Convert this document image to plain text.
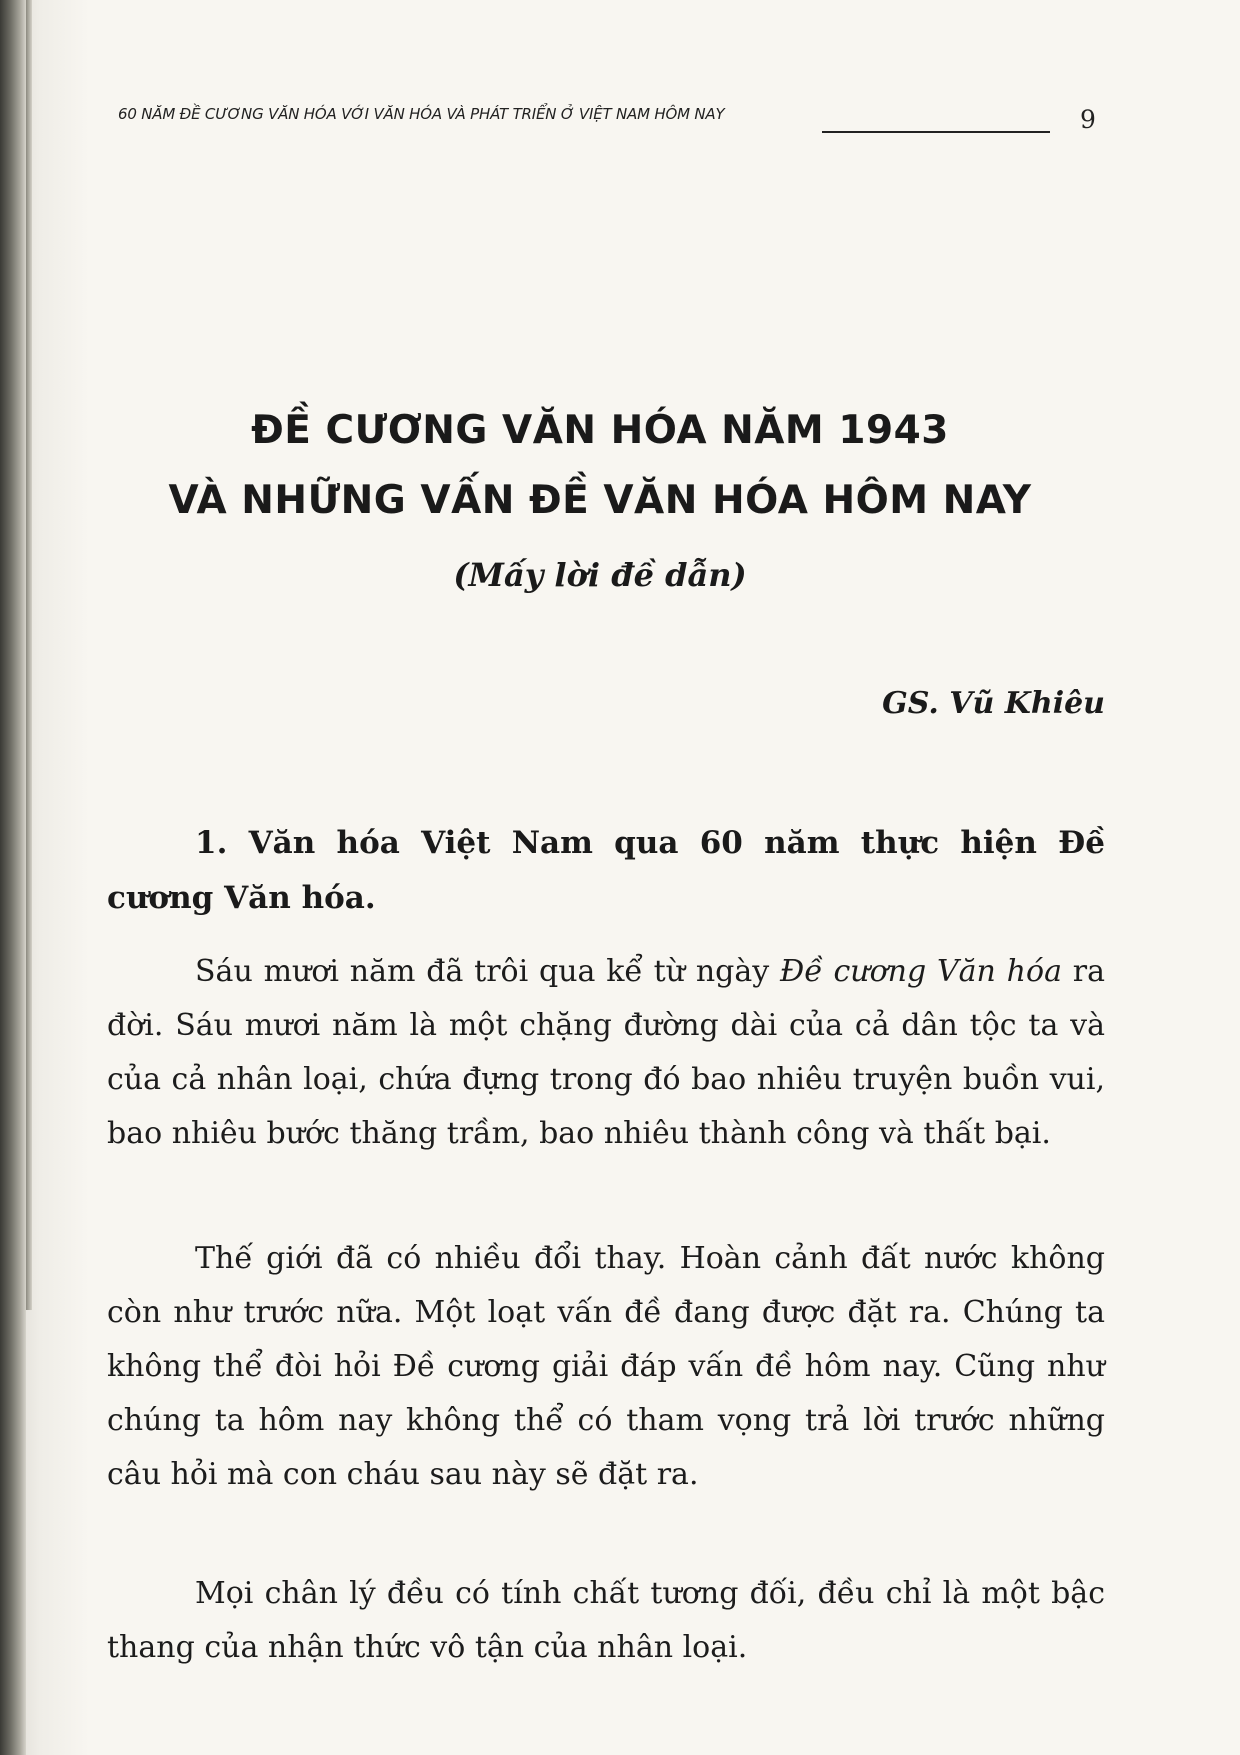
60 NĂM ĐỀ CƯƠNG VĂN HÓA VỚI VĂN HÓA VÀ PHÁT TRIỂN Ở VIỆT NAM HÔM NAY	9
ĐỀ CƯƠNG VĂN HÓA NĂM 1943
VÀ NHỮNG VẤN ĐỀ VĂN HÓA HÔM NAY
(Mấy lời đề dẫn)
GS. Vũ Khiêu
1. Văn hóa Việt Nam qua 60 năm thực hiện Đề cương Văn hóa.
Sáu mươi năm đã trôi qua kể từ ngày Đề cương Văn hóa ra đời. Sáu mươi năm là một chặng đường dài của cả dân tộc ta và của cả nhân loại, chứa đựng trong đó bao nhiêu truyện buồn vui, bao nhiêu bước thăng trầm, bao nhiêu thành công và thất bại.
Thế giới đã có nhiều đổi thay. Hoàn cảnh đất nước không còn như trước nữa. Một loạt vấn đề đang được đặt ra. Chúng ta không thể đòi hỏi Đề cương giải đáp vấn đề hôm nay. Cũng như chúng ta hôm nay không thể có tham vọng trả lời trước những câu hỏi mà con cháu sau này sẽ đặt ra.
Mọi chân lý đều có tính chất tương đối, đều chỉ là một bậc thang của nhận thức vô tận của nhân loại.
